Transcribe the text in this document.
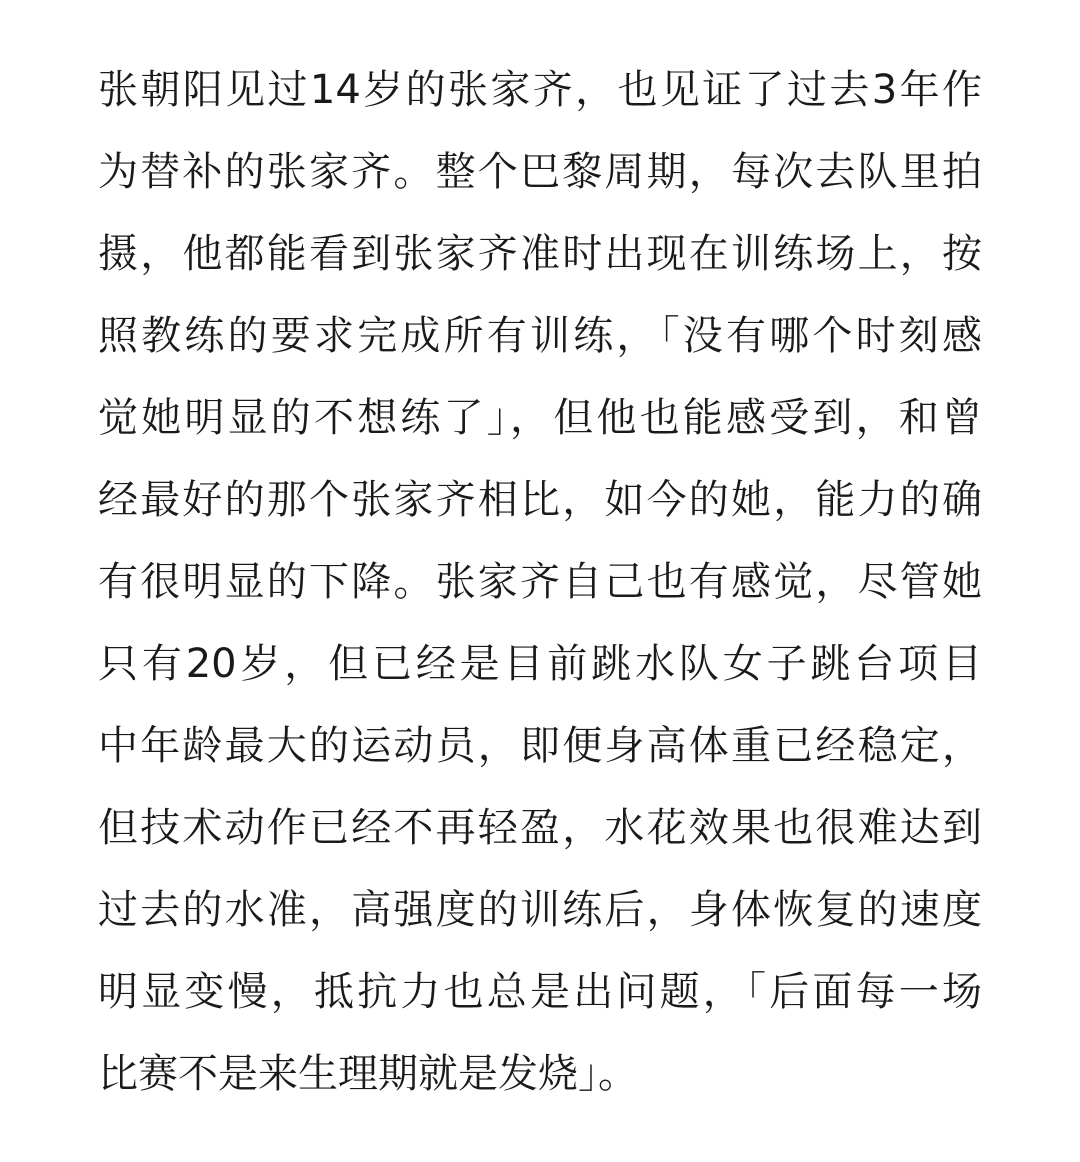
张朝阳见过14岁的张家齐，也见证了过去3年作
为替补的张家齐。整个巴黎周期，每次去队里拍
摄，他都能看到张家齐准时出现在训练场上，按
照教练的要求完成所有训练，「没有哪个时刻感
觉她明显的不想练了」，但他也能感受到，和曾
经最好的那个张家齐相比，如今的她，能力的确
有很明显的下降。张家齐自己也有感觉，尽管她
只有20岁，但已经是目前跳水队女子跳台项目
中年龄最大的运动员，即便身高体重已经稳定，
但技术动作已经不再轻盈，水花效果也很难达到
过去的水准，高强度的训练后，身体恢复的速度
明显变慢，抵抗力也总是出问题，「后面每一场
比赛不是来生理期就是发烧」。
